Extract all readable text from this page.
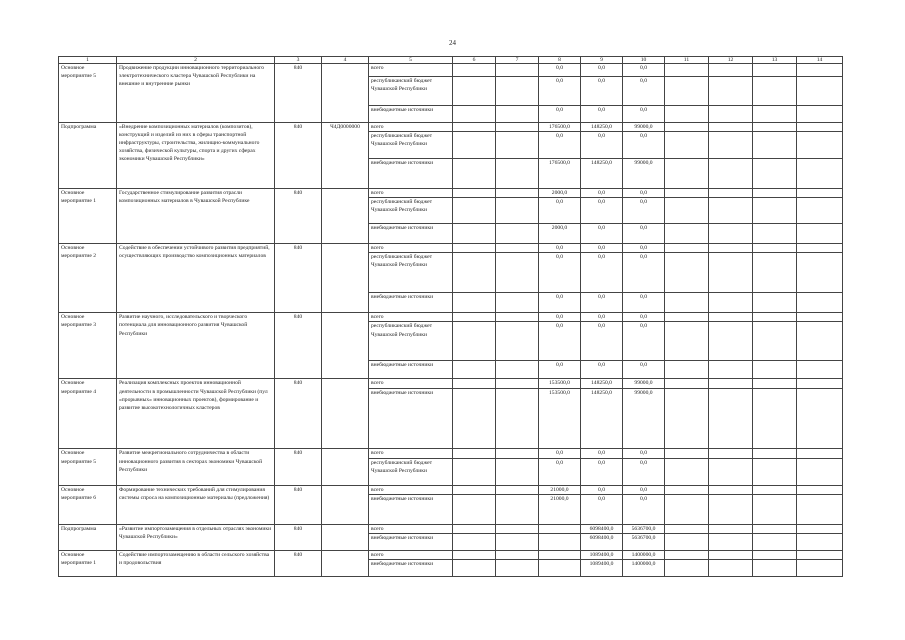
24
1	2	3	4	5	6	7	8	9	10	11	12	13	14
Основное мероприятие 5	Продвижение продукции инновационного территориального электротехнического кластера Чувашской Республики на внешние и внутренние рынки	840		всего			0,0	0,0	0,0				
				республиканский бюджет Чувашской Республики			0,0	0,0	0,0				
				внебюджетные источники			0,0	0,0	0,0				
Подпрограмма	«Внедрение композиционных материалов (композитов), конструкций и изделий из них в сферы транспортной инфраструктуры, строительства, жилищно-коммунального хозяйства, физической культуры, спорта и других сферах экономики Чувашской Республики»	840	Ч4Д0000000	всего			176500,0	148250,0	99000,0				
				республиканский бюджет Чувашской Республики			0,0	0,0	0,0				
				внебюджетные источники			176500,0	148250,0	99000,0				
Основное мероприятие 1	Государственное стимулирование развития отрасли композиционных материалов в Чувашской Республике	840		всего			2000,0	0,0	0,0				
				республиканский бюджет Чувашской Республики			0,0	0,0	0,0				
				внебюджетные источники			2000,0	0,0	0,0				
Основное мероприятие 2	Содействие в обеспечении устойчивого развития предприятий, осуществляющих производство композиционных материалов	840		всего			0,0	0,0	0,0				
				республиканский бюджет Чувашской Республики			0,0	0,0	0,0				
				внебюджетные источники			0,0	0,0	0,0				
Основное мероприятие 3	Развитие научного, исследовательского и творческого потенциала для инновационного развития Чувашской Республики	840		всего			0,0	0,0	0,0				
				республиканский бюджет Чувашской Республики			0,0	0,0	0,0				
				внебюджетные источники			0,0	0,0	0,0				
Основное мероприятие 4	Реализация комплексных проектов инновационной деятельности в промышленности Чувашской Республики (пул «прорывных» инновационных проектов), формирование и развитие высокотехнологичных кластеров	840		всего			153500,0	148250,0	99000,0				
				внебюджетные источники			153500,0	148250,0	99000,0				
Основное мероприятие 5	Развитие межрегионального сотрудничества в области инновационного развития в секторах экономики Чувашской Республики	840		всего			0,0	0,0	0,0				
				республиканский бюджет Чувашской Республики			0,0	0,0	0,0				
Основное мероприятие 6	Формирование технических требований для стимулирования системы спроса на композиционные материалы (предложения)	840		всего			21000,0	0,0	0,0				
				внебюджетные источники			21000,0	0,0	0,0				
Подпрограмма	«Развитие импортозамещения в отдельных отраслях экономики Чувашской Республики»	840		всего				6098400,0	5636700,0				
				внебюджетные источники				6098400,0	5636700,0				
Основное мероприятие 1	Содействие импортозамещению в области сельского хозяйства и продовольствия	840		всего				1089400,0	1400000,0				
				внебюджетные источники				1089400,0	1400000,0				
